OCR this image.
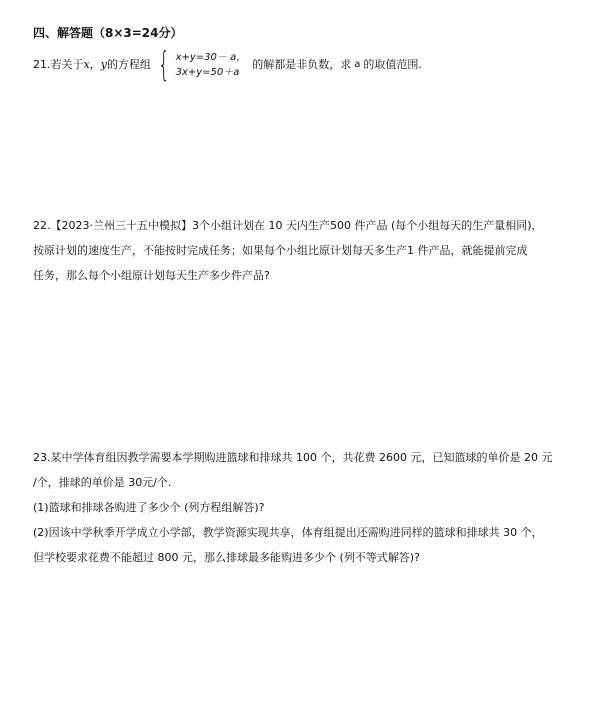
四、解答题（8×3=24分）
21.若关于 x ， y 的方程组 { x+y=30－ a，
3x+y=50＋a
的解都是非负数，求 a 的取值范围.
22.【2023·兰州三十五中模拟】3个小组计划在 10 天内生产500 件产品 (每个小组每天的生产量相同)，
按原计划的速度生产，不能按时完成任务；如果每个小组比原计划每天多生产1 件产品，就能提前完成
任务，那么每个小组原计划每天生产多少件产品?
23.某中学体育组因教学需要本学期购进篮球和排球共 100 个，共花费 2600 元，已知篮球的单价是 20 元
/个，排球的单价是 30元/个.
(1)篮球和排球各购进了多少个 (列方程组解答)?
(2)因该中学秋季开学成立小学部，教学资源实现共享，体育组提出还需购进同样的篮球和排球共 30 个，
但学校要求花费不能超过 800 元，那么排球最多能购进多少个 (列不等式解答)?
